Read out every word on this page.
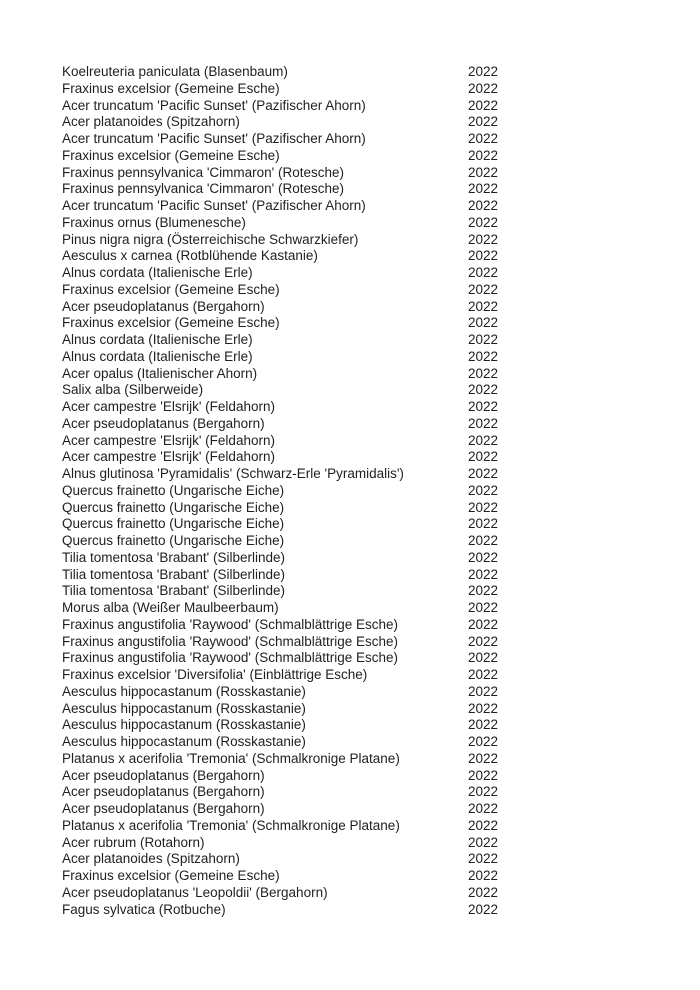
Koelreuteria paniculata (Blasenbaum)	2022
Fraxinus excelsior (Gemeine Esche)	2022
Acer truncatum 'Pacific Sunset' (Pazifischer Ahorn)	2022
Acer platanoides (Spitzahorn)	2022
Acer truncatum 'Pacific Sunset' (Pazifischer Ahorn)	2022
Fraxinus excelsior (Gemeine Esche)	2022
Fraxinus pennsylvanica 'Cimmaron' (Rotesche)	2022
Fraxinus pennsylvanica 'Cimmaron' (Rotesche)	2022
Acer truncatum 'Pacific Sunset' (Pazifischer Ahorn)	2022
Fraxinus ornus (Blumenesche)	2022
Pinus nigra nigra (Österreichische Schwarzkiefer)	2022
Aesculus x carnea (Rotblühende Kastanie)	2022
Alnus cordata (Italienische Erle)	2022
Fraxinus excelsior (Gemeine Esche)	2022
Acer pseudoplatanus (Bergahorn)	2022
Fraxinus excelsior (Gemeine Esche)	2022
Alnus cordata (Italienische Erle)	2022
Alnus cordata (Italienische Erle)	2022
Acer opalus (Italienischer Ahorn)	2022
Salix alba (Silberweide)	2022
Acer campestre 'Elsrijk' (Feldahorn)	2022
Acer pseudoplatanus (Bergahorn)	2022
Acer campestre 'Elsrijk' (Feldahorn)	2022
Acer campestre 'Elsrijk' (Feldahorn)	2022
Alnus glutinosa 'Pyramidalis' (Schwarz-Erle 'Pyramidalis')	2022
Quercus frainetto (Ungarische Eiche)	2022
Quercus frainetto (Ungarische Eiche)	2022
Quercus frainetto (Ungarische Eiche)	2022
Quercus frainetto (Ungarische Eiche)	2022
Tilia tomentosa 'Brabant' (Silberlinde)	2022
Tilia tomentosa 'Brabant' (Silberlinde)	2022
Tilia tomentosa 'Brabant' (Silberlinde)	2022
Morus alba (Weißer Maulbeerbaum)	2022
Fraxinus angustifolia 'Raywood' (Schmalblättrige Esche)	2022
Fraxinus angustifolia 'Raywood' (Schmalblättrige Esche)	2022
Fraxinus angustifolia 'Raywood' (Schmalblättrige Esche)	2022
Fraxinus excelsior 'Diversifolia' (Einblättrige Esche)	2022
Aesculus hippocastanum (Rosskastanie)	2022
Aesculus hippocastanum (Rosskastanie)	2022
Aesculus hippocastanum (Rosskastanie)	2022
Aesculus hippocastanum (Rosskastanie)	2022
Platanus x acerifolia 'Tremonia' (Schmalkronige Platane)	2022
Acer pseudoplatanus (Bergahorn)	2022
Acer pseudoplatanus (Bergahorn)	2022
Acer pseudoplatanus (Bergahorn)	2022
Platanus x acerifolia 'Tremonia' (Schmalkronige Platane)	2022
Acer rubrum (Rotahorn)	2022
Acer platanoides (Spitzahorn)	2022
Fraxinus excelsior (Gemeine Esche)	2022
Acer pseudoplatanus 'Leopoldii' (Bergahorn)	2022
Fagus sylvatica (Rotbuche)	2022
